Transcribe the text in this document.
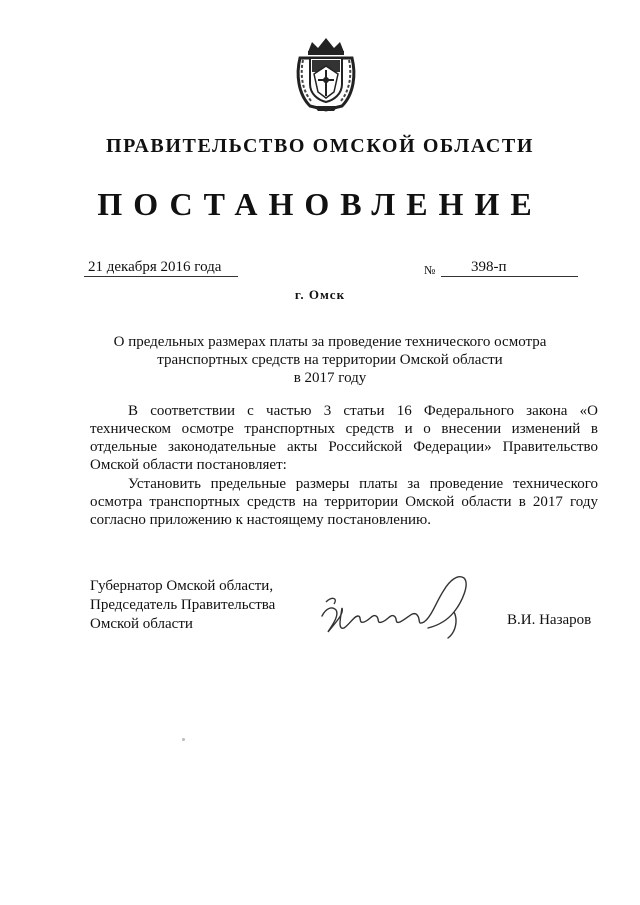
ПРАВИТЕЛЬСТВО ОМСКОЙ ОБЛАСТИ
ПОСТАНОВЛЕНИЕ
21 декабря 2016 года	№	398-п
г. Омск
О предельных размерах платы за проведение технического осмотра
транспортных средств на территории Омской области
в 2017 году

В соответствии с частью 3 статьи 16 Федерального закона «О техническом осмотре транспортных средств и о внесении изменений в отдельные законодательные акты Российской Федерации» Правительство Омской области постановляет:

Установить предельные размеры платы за проведение технического осмотра транспортных средств на территории Омской области в 2017 году согласно приложению к настоящему постановлению.

Губернатор Омской области,
Председатель Правительства
Омской области	В.И. Назаров
